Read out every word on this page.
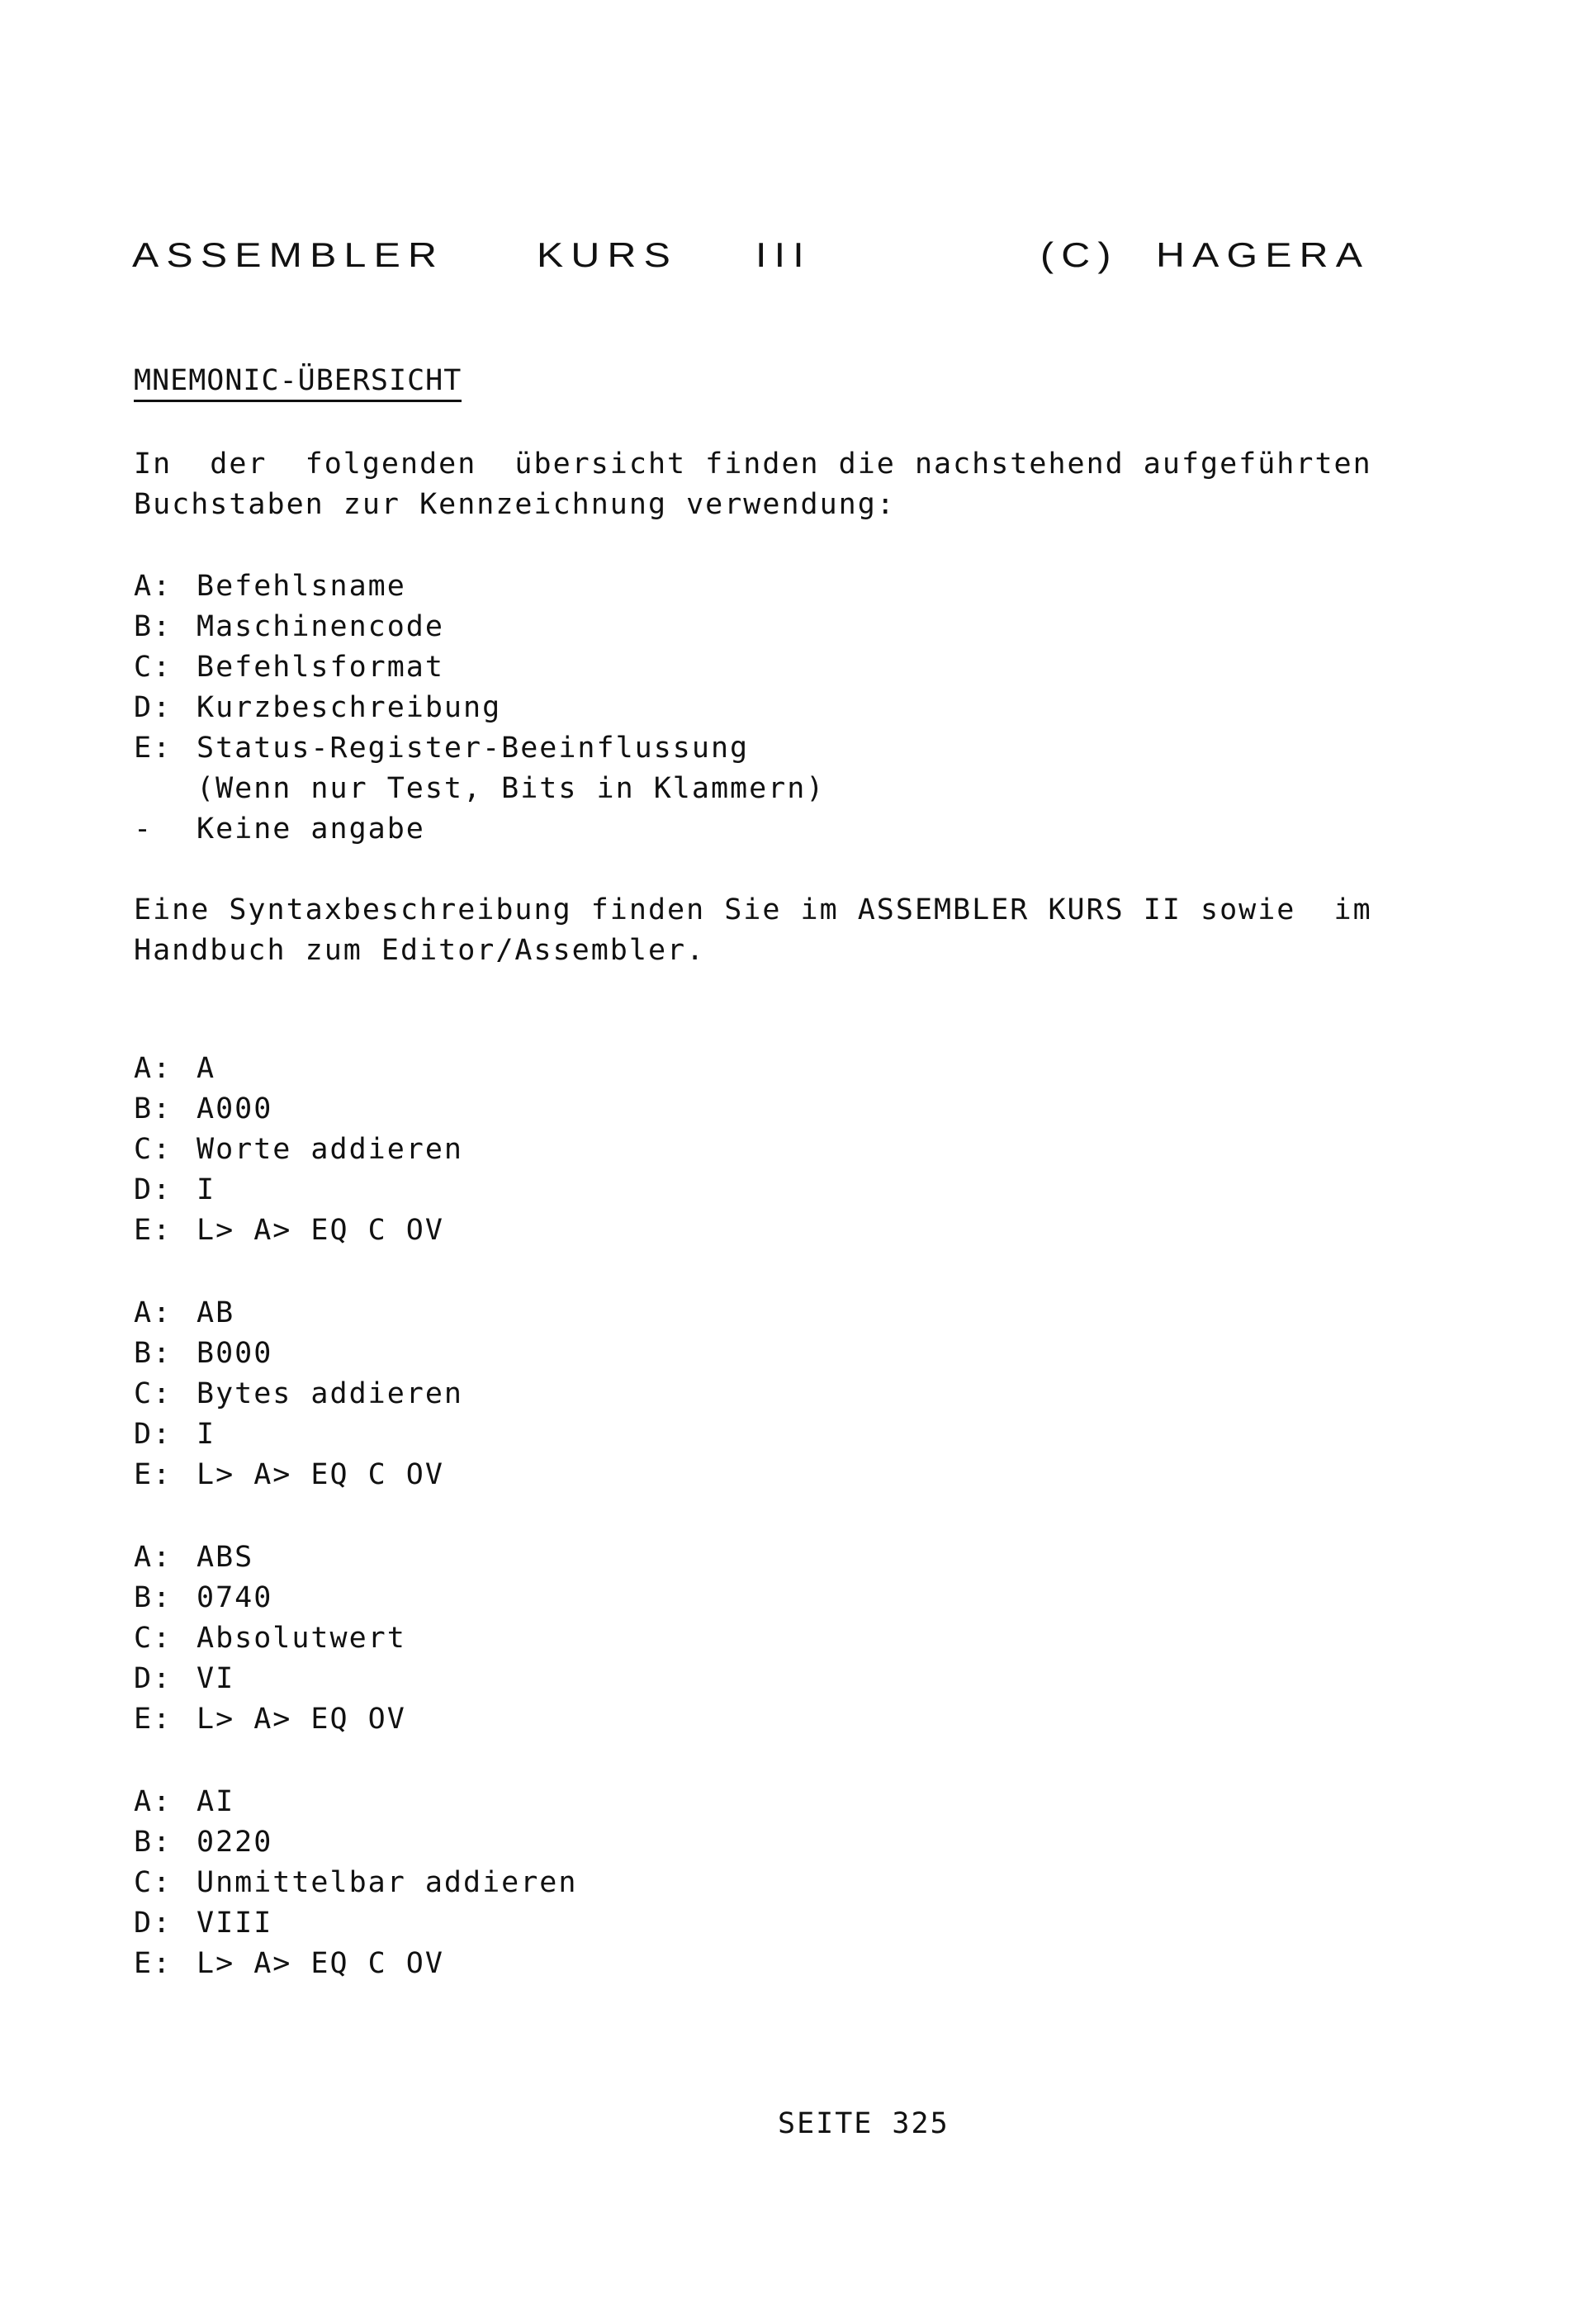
ASSEMBLER	KURS III	(C) HAGERA
MNEMONIC-ÜBERSICHT
In  der  folgenden  übersicht finden die nachstehend aufgeführten
Buchstaben zur Kennzeichnung verwendung:
A: Befehlsname
B: Maschinencode
C: Befehlsformat
D: Kurzbeschreibung
E: Status-Register-Beeinflussung
(Wenn nur Test, Bits in Klammern)
-	Keine angabe
Eine Syntaxbeschreibung finden Sie im ASSEMBLER KURS II sowie  im
Handbuch zum Editor/Assembler.
A: A
B: A000
C: Worte addieren
D: I
E: L> A> EQ C OV
A: AB
B: B000
C: Bytes addieren
D: I
E: L> A> EQ C OV
A: ABS
B: 0740
C: Absolutwert
D: VI
E: L> A> EQ OV
A: AI
B: 0220
C: Unmittelbar addieren
D: VIII
E: L> A> EQ C OV
SEITE 325
